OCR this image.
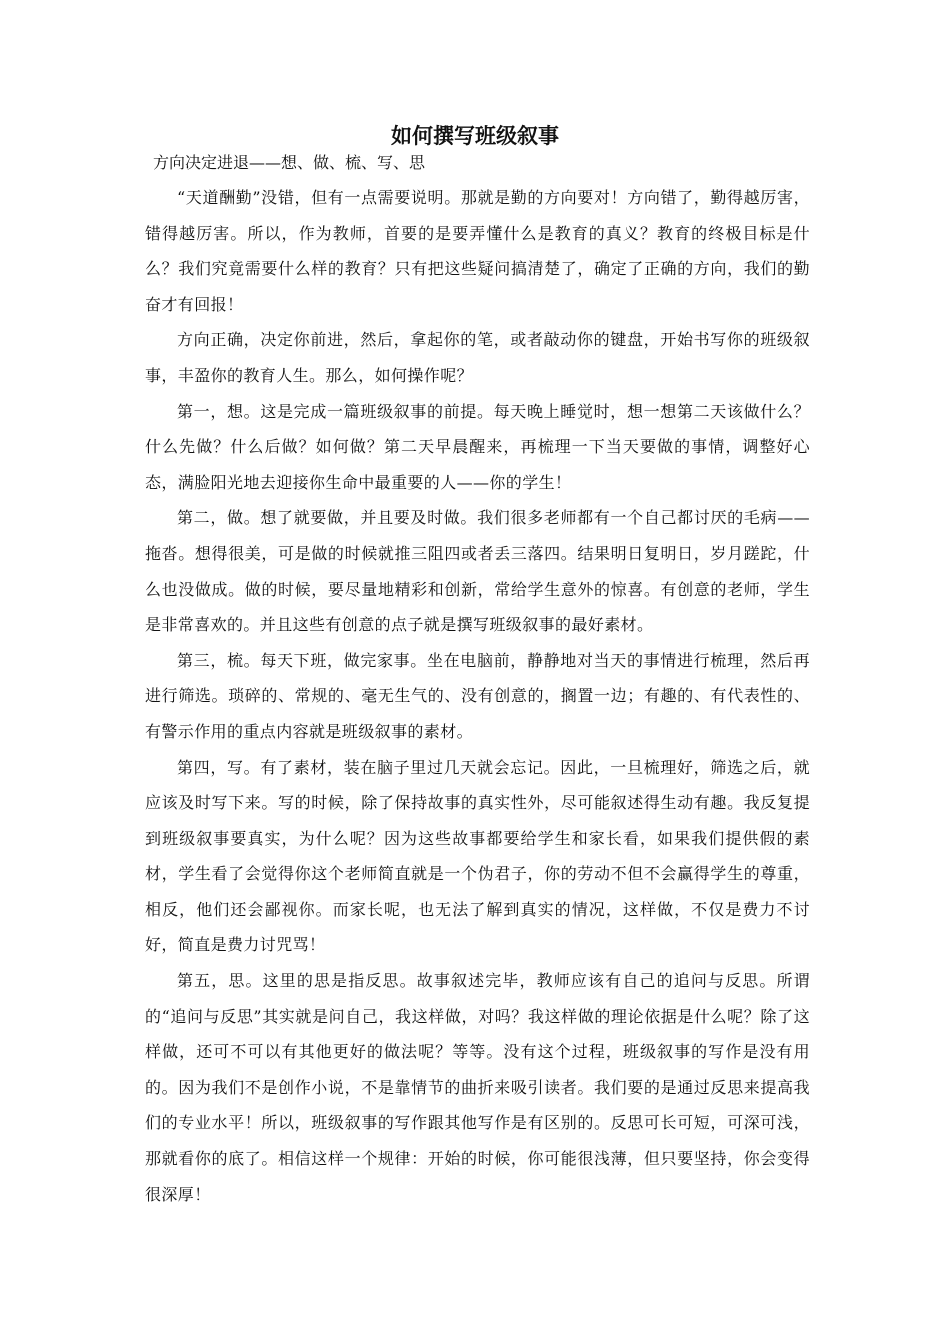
如何撰写班级叙事

方向决定进退——想、做、梳、写、思

“天道酬勤”没错，但有一点需要说明。那就是勤的方向要对！方向错了，勤得越厉害，错得越厉害。所以，作为教师，首要的是要弄懂什么是教育的真义？教育的终极目标是什么？我们究竟需要什么样的教育？只有把这些疑问搞清楚了，确定了正确的方向，我们的勤奋才有回报！

方向正确，决定你前进，然后，拿起你的笔，或者敲动你的键盘，开始书写你的班级叙事，丰盈你的教育人生。那么，如何操作呢？

第一，想。这是完成一篇班级叙事的前提。每天晚上睡觉时，想一想第二天该做什么？什么先做？什么后做？如何做？第二天早晨醒来，再梳理一下当天要做的事情，调整好心态，满脸阳光地去迎接你生命中最重要的人——你的学生！

第二，做。想了就要做，并且要及时做。我们很多老师都有一个自己都讨厌的毛病——拖沓。想得很美，可是做的时候就推三阻四或者丢三落四。结果明日复明日，岁月蹉跎，什么也没做成。做的时候，要尽量地精彩和创新，常给学生意外的惊喜。有创意的老师，学生是非常喜欢的。并且这些有创意的点子就是撰写班级叙事的最好素材。

第三，梳。每天下班，做完家事。坐在电脑前，静静地对当天的事情进行梳理，然后再进行筛选。琐碎的、常规的、毫无生气的、没有创意的，搁置一边；有趣的、有代表性的、有警示作用的重点内容就是班级叙事的素材。

第四，写。有了素材，装在脑子里过几天就会忘记。因此，一旦梳理好，筛选之后，就应该及时写下来。写的时候，除了保持故事的真实性外，尽可能叙述得生动有趣。我反复提到班级叙事要真实，为什么呢？因为这些故事都要给学生和家长看，如果我们提供假的素材，学生看了会觉得你这个老师简直就是一个伪君子，你的劳动不但不会赢得学生的尊重，相反，他们还会鄙视你。而家长呢，也无法了解到真实的情况，这样做，不仅是费力不讨好，简直是费力讨咒骂！

第五，思。这里的思是指反思。故事叙述完毕，教师应该有自己的追问与反思。所谓的“追问与反思”其实就是问自己，我这样做，对吗？我这样做的理论依据是什么呢？除了这样做，还可不可以有其他更好的做法呢？等等。没有这个过程，班级叙事的写作是没有用的。因为我们不是创作小说，不是靠情节的曲折来吸引读者。我们要的是通过反思来提高我们的专业水平！所以，班级叙事的写作跟其他写作是有区别的。反思可长可短，可深可浅，那就看你的底了。相信这样一个规律：开始的时候，你可能很浅薄，但只要坚持，你会变得很深厚！
